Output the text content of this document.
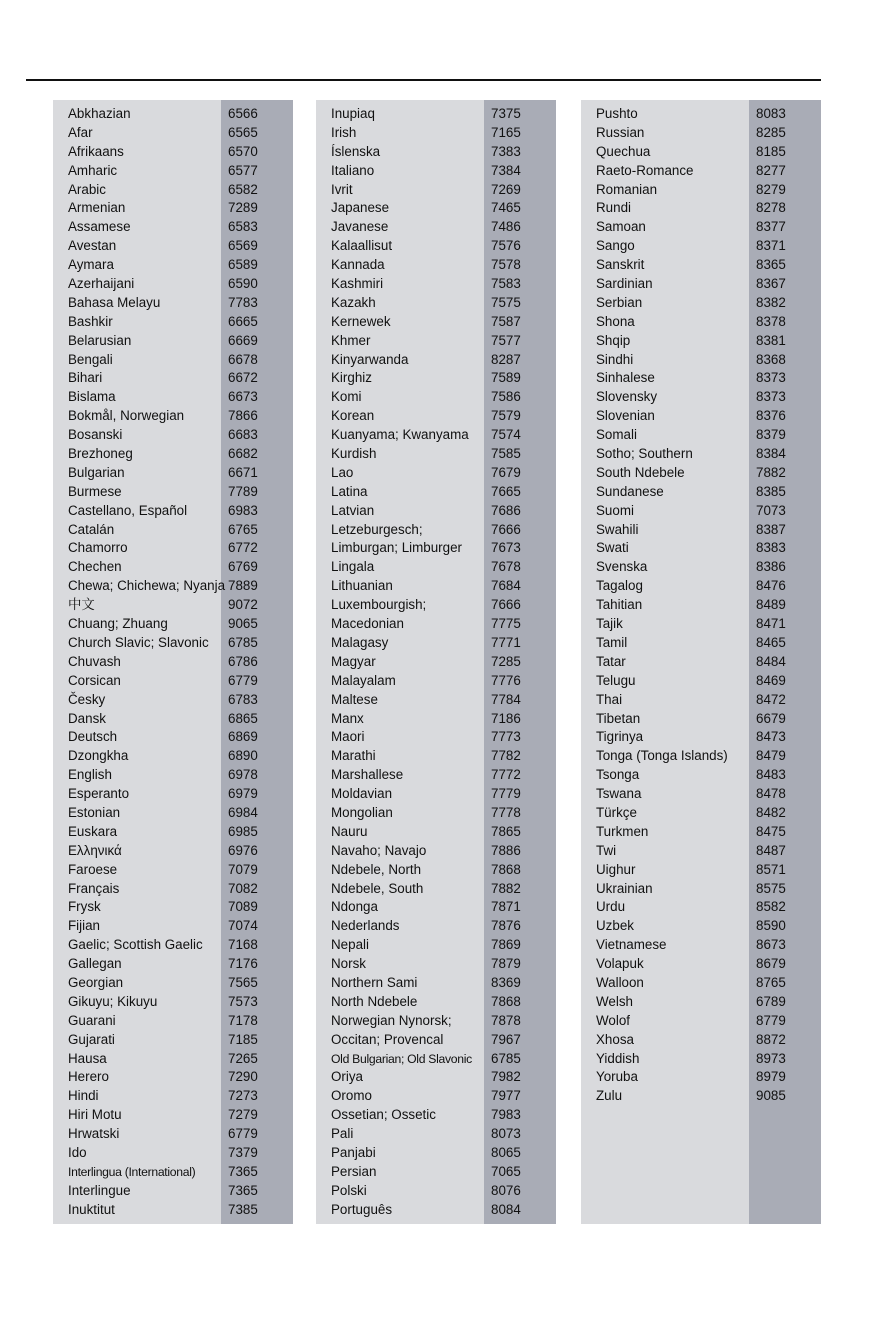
Abkhazian	6566
Afar	6565
Afrikaans	6570
Amharic	6577
Arabic	6582
Armenian	7289
Assamese	6583
Avestan	6569
Aymara	6589
Azerhaijani	6590
Bahasa Melayu	7783
Bashkir	6665
Belarusian	6669
Bengali	6678
Bihari	6672
Bislama	6673
Bokmål, Norwegian	7866
Bosanski	6683
Brezhoneg	6682
Bulgarian	6671
Burmese	7789
Castellano, Español	6983
Catalán	6765
Chamorro	6772
Chechen	6769
Chewa; Chichewa; Nyanja 7889
中文	9072
Chuang; Zhuang	9065
Church Slavic; Slavonic 6785
Chuvash	6786
Corsican	6779
Česky	6783
Dansk	6865
Deutsch	6869
Dzongkha	6890
English	6978
Esperanto	6979
Estonian	6984
Euskara	6985
Ελληνικά	6976
Faroese	7079
Français	7082
Frysk	7089
Fijian	7074
Gaelic; Scottish Gaelic 7168
Gallegan	7176
Georgian	7565
Gikuyu; Kikuyu	7573
Guarani	7178
Gujarati	7185
Hausa	7265
Herero	7290
Hindi	7273
Hiri Motu	7279
Hrwatski	6779
Ido	7379
Interlingua (International) 7365
Interlingue	7365
Inuktitut	7385
Inupiaq	7375
Irish	7165
Íslenska	7383
Italiano	7384
Ivrit	7269
Japanese	7465
Javanese	7486
Kalaallisut	7576
Kannada	7578
Kashmiri	7583
Kazakh	7575
Kernewek	7587
Khmer	7577
Kinyarwanda	8287
Kirghiz	7589
Komi	7586
Korean	7579
Kuanyama; Kwanyama 7574
Kurdish	7585
Lao	7679
Latina	7665
Latvian	7686
Letzeburgesch;	7666
Limburgan; Limburger 7673
Lingala	7678
Lithuanian	7684
Luxembourgish;	7666
Macedonian	7775
Malagasy	7771
Magyar	7285
Malayalam	7776
Maltese	7784
Manx	7186
Maori	7773
Marathi	7782
Marshallese	7772
Moldavian	7779
Mongolian	7778
Nauru	7865
Navaho; Navajo	7886
Ndebele, North	7868
Ndebele, South	7882
Ndonga	7871
Nederlands	7876
Nepali	7869
Norsk	7879
Northern Sami	8369
North Ndebele	7868
Norwegian Nynorsk;	7878
Occitan; Provencal	7967
Old Bulgarian; Old Slavonic 6785
Oriya	7982
Oromo	7977
Ossetian; Ossetic	7983
Pali	8073
Panjabi	8065
Persian	7065
Polski	8076
Português	8084
Pushto	8083
Russian	8285
Quechua	8185
Raeto-Romance	8277
Romanian	8279
Rundi	8278
Samoan	8377
Sango	8371
Sanskrit	8365
Sardinian	8367
Serbian	8382
Shona	8378
Shqip	8381
Sindhi	8368
Sinhalese	8373
Slovensky	8373
Slovenian	8376
Somali	8379
Sotho; Southern	8384
South Ndebele	7882
Sundanese	8385
Suomi	7073
Swahili	8387
Swati	8383
Svenska	8386
Tagalog	8476
Tahitian	8489
Tajik	8471
Tamil	8465
Tatar	8484
Telugu	8469
Thai	8472
Tibetan	6679
Tigrinya	8473
Tonga (Tonga Islands) 8479
Tsonga	8483
Tswana	8478
Türkçe	8482
Turkmen	8475
Twi	8487
Uighur	8571
Ukrainian	8575
Urdu	8582
Uzbek	8590
Vietnamese	8673
Volapuk	8679
Walloon	8765
Welsh	6789
Wolof	8779
Xhosa	8872
Yiddish	8973
Yoruba	8979
Zulu	9085
